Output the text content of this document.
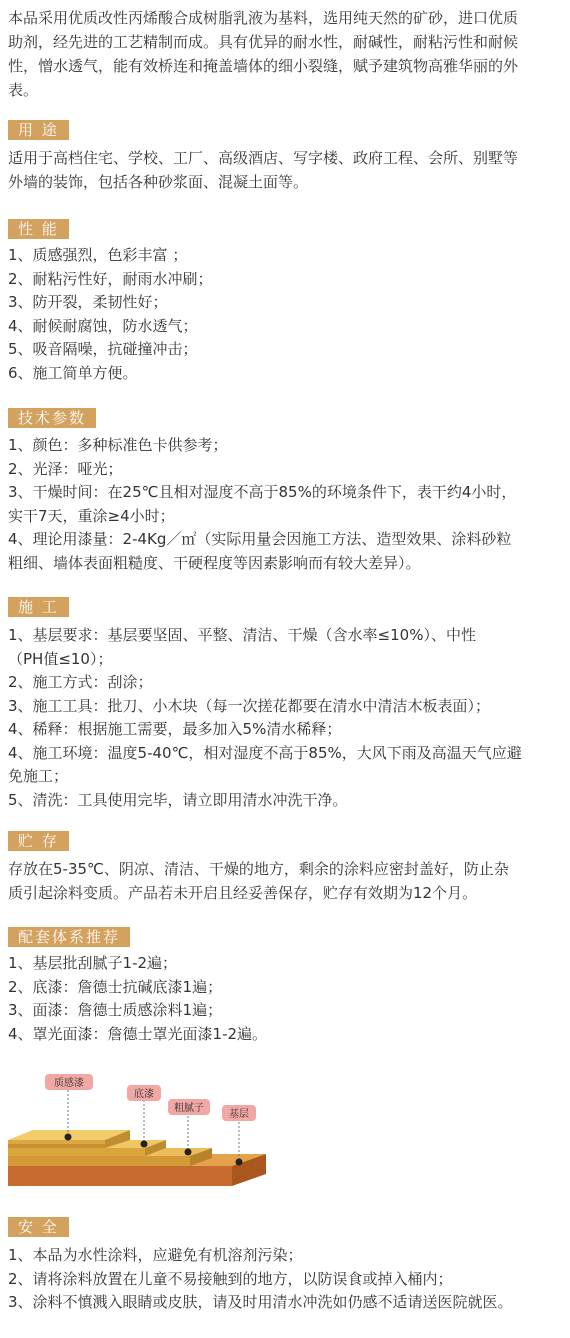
本品采用优质改性丙烯酸合成树脂乳液为基料，选用纯天然的矿砂，进口优质
助剂，经先进的工艺精制而成。具有优异的耐水性，耐碱性，耐粘污性和耐候
性，憎水透气，能有效桥连和掩盖墙体的细小裂缝，赋予建筑物高雅华丽的外
表。
用 途
适用于高档住宅、学校、工厂、高级酒店、写字楼、政府工程、会所、别墅等
外墙的装饰，包括各种砂浆面、混凝土面等。
性 能
1、质感强烈，色彩丰富 ；
2、耐粘污性好，耐雨水冲刷；
3、防开裂，柔韧性好；
4、耐候耐腐蚀，防水透气；
5、吸音隔噪，抗碰撞冲击；
6、施工简单方便。
技术参数
1、颜色：多种标准色卡供参考；
2、光泽：哑光；
3、干燥时间：在25℃且相对湿度不高于85%的环境条件下，表干约4小时，
实干7天，重涂≥4小时；
4、理论用漆量：2-4Kg／㎡（实际用量会因施工方法、造型效果、涂料砂粒
粗细、墙体表面粗糙度、干硬程度等因素影响而有较大差异）。
施 工
1、基层要求：基层要坚固、平整、清洁、干燥（含水率≤10%）、中性
（PH值≤10）；
2、施工方式：刮涂；
3、施工工具：批刀、小木块（每一次搓花都要在清水中清洁木板表面）；
4、稀释：根据施工需要，最多加入5%清水稀释；
4、施工环境：温度5-40℃，相对湿度不高于85%，大风下雨及高温天气应避
免施工；
5、清洗：工具使用完毕，请立即用清水冲洗干净。
贮 存
存放在5-35℃、阴凉、清洁、干燥的地方，剩余的涂料应密封盖好，防止杂
质引起涂料变质。产品若未开启且经妥善保存，贮存有效期为12个月。
配套体系推荐
1、基层批刮腻子1-2遍；
2、底漆：詹德士抗碱底漆1遍；
3、面漆：詹德士质感涂料1遍；
4、罩光面漆：詹德士罩光面漆1-2遍。
质感漆
底漆
粗腻子
基层
安 全
1、本品为水性涂料，应避免有机溶剂污染；
2、请将涂料放置在儿童不易接触到的地方，以防误食或掉入桶内；
3、涂料不慎溅入眼睛或皮肤，请及时用清水冲洗如仍感不适请送医院就医。
